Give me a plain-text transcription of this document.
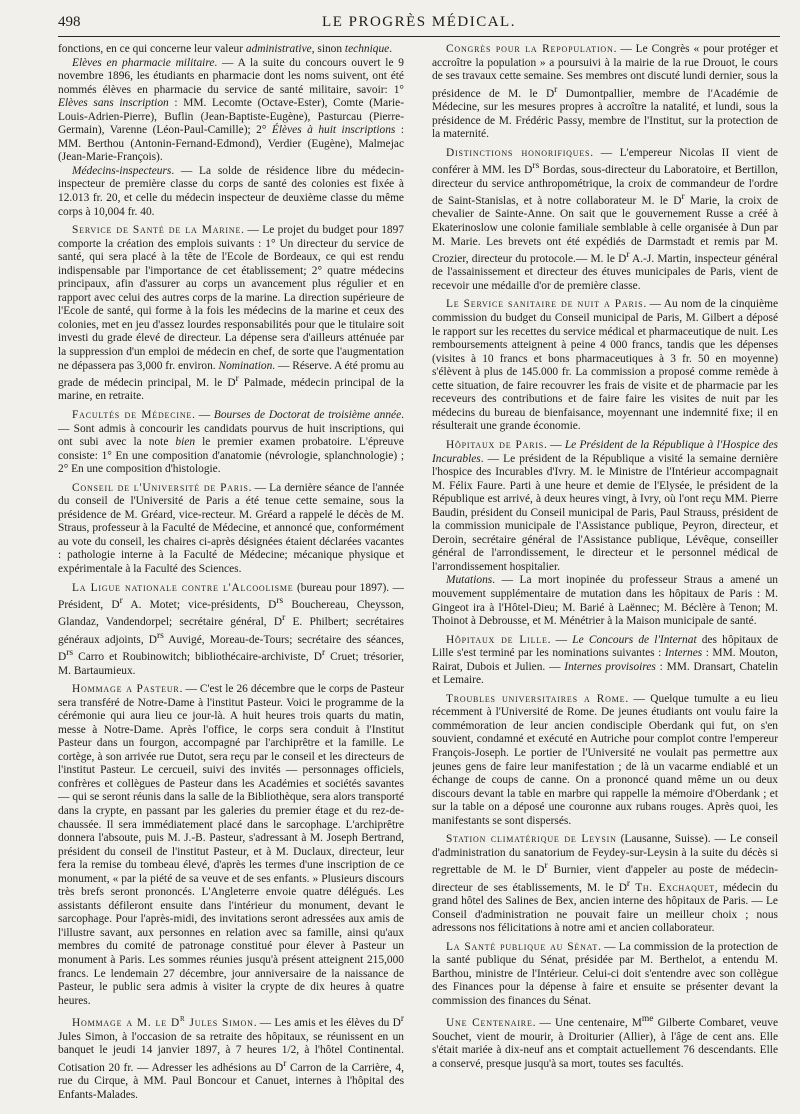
498	LE PROGRÈS MÉDICAL.

fonctions, en ce qui concerne leur valeur administrative, sinon technique.

Elèves en pharmacie militaire. — A la suite du concours ouvert le 9 novembre 1896, les étudiants en pharmacie dont les noms suivent, ont été nommés élèves en pharmacie du service de santé militaire, savoir: 1° Elèves sans inscription : MM. Lecomte (Octave-Ester), Comte (Marie-Louis-Adrien-Pierre), Buflin (Jean-Baptiste-Eugène), Pasturcau (Pierre-Germain), Varenne (Léon-Paul-Camille); 2° Élèves à huit inscriptions : MM. Berthou (Antonin-Fernand-Edmond), Verdier (Eugène), Malmejac (Jean-Marie-François).

Médecins-inspecteurs. — La solde de résidence libre du médecin-inspecteur de première classe du corps de santé des colonies est fixée à 12.013 fr. 20, et celle du médecin inspecteur de deuxième classe du même corps à 10,004 fr. 40.

Service de Santé de la Marine. — Le projet du budget pour 1897 comporte la création des emplois suivants : 1° Un directeur du service de santé, qui sera placé à la tête de l'Ecole de Bordeaux, ce qui est rendu indispensable par l'importance de cet établissement; 2° quatre médecins principaux, afin d'assurer au corps un avancement plus régulier et en rapport avec celui des autres corps de la marine. La direction supérieure de l'Ecole de santé, qui forme à la fois les médecins de la marine et ceux des colonies, met en jeu d'assez lourdes responsabilités pour que le titulaire soit investi du grade élevé de directeur. La dépense sera d'ailleurs atténuée par la suppression d'un emploi de médecin en chef, de sorte que l'augmentation ne dépassera pas 3,000 fr. environ. Nomination. — Réserve. A été promu au grade de médecin principal, M. le $D^r$ Palmade, médecin principal de la marine, en retraite.

Facultés de Médecine. — Bourses de Doctorat de troisième année. — Sont admis à concourir les candidats pourvus de huit inscriptions, qui ont subi avec la note bien le premier examen probatoire. L'épreuve consiste: 1° En une composition d'anatomie (névrologie, splanchnologie) ; 2° En une composition d'histologie.

Conseil de l'Université de Paris. — La dernière séance de l'année du conseil de l'Université de Paris a été tenue cette semaine, sous la présidence de M. Gréard, vice-recteur. M. Gréard a rappelé le décès de M. Straus, professeur à la Faculté de Médecine, et annoncé que, conformément au vote du conseil, les chaires ci-après désignées étaient déclarées vacantes : pathologie interne à la Faculté de Médecine; mécanique physique et expérimentale à la Faculté des Sciences.

La Ligue nationale contre l'Alcoolisme (bureau pour 1897). — Président, $D^r$ A. Motet; vice-présidents, $D^{rs}$ Bouchereau, Cheysson, Glandaz, Vandendorpel; secrétaire général, $D^r$ E. Philbert; secrétaires généraux adjoints, $D^{rs}$ Auvigé, Moreau-de-Tours; secrétaire des séances, $D^{rs}$ Carro et Roubinowitch; bibliothécaire-archiviste, $D^r$ Cruet; trésorier, M. Bartaumieux.

Hommage a Pasteur. — C'est le 26 décembre que le corps de Pasteur sera transféré de Notre-Dame à l'institut Pasteur. Voici le programme de la cérémonie qui aura lieu ce jour-là. A huit heures trois quarts du matin, messe à Notre-Dame. Après l'office, le corps sera conduit à l'Institut Pasteur dans un fourgon, accompagné par l'archiprêtre et la famille. Le cortège, à son arrivée rue Dutot, sera reçu par le conseil et les directeurs de l'institut Pasteur. Le cercueil, suivi des invités — personnages officiels, confrères et collègues de Pasteur dans les Académies et sociétés savantes — qui se seront réunis dans la salle de la Bibliothèque, sera alors transporté dans la crypte, en passant par les galeries du premier étage et du rez-de-chaussée. Il sera immédiatement placé dans le sarcophage. L'archiprêtre donnera l'absoute, puis M. J.-B. Pasteur, s'adressant à M. Joseph Bertrand, président du conseil de l'institut Pasteur, et à M. Duclaux, directeur, leur fera la remise du tombeau élevé, d'après les termes d'une inscription de ce monument, « par la piété de sa veuve et de ses enfants. » Plusieurs discours très brefs seront prononcés. L'Angleterre envoie quatre délégués. Les assistants défileront ensuite dans l'intérieur du monument, devant le sarcophage. Pour l'après-midi, des invitations seront adressées aux amis de l'illustre savant, aux personnes en relation avec sa famille, ainsi qu'aux membres du comité de patronage constitué pour élever à Pasteur un monument à Paris. Les sommes réunies jusqu'à présent atteignent 215,000 francs. Le lendemain 27 décembre, jour anniversaire de la naissance de Pasteur, le public sera admis à visiter la crypte de dix heures à quatre heures.

Hommage a M. le $D^r$ Jules Simon. — Les amis et les élèves du $D^r$ Jules Simon, à l'occasion de sa retraite des hôpitaux, se réunissent en un banquet le jeudi 14 janvier 1897, à 7 heures 1/2, à l'hôtel Continental. Cotisation 20 fr. — Adresser les adhésions au $D^r$ Carron de la Carrière, 4, rue du Cirque, à MM. Paul Boncour et Canuet, internes à l'hôpital des Enfants-Malades.

Congrès pour la Repopulation. — Le Congrès « pour protéger et accroître la population » a poursuivi à la mairie de la rue Drouot, le cours de ses travaux cette semaine. Ses membres ont discuté lundi dernier, sous la présidence de M. le $D^r$ Dumontpallier, membre de l'Académie de Médecine, sur les mesures propres à accroître la natalité, et lundi, sous la présidence de M. Frédéric Passy, membre de l'Institut, sur la protection de la maternité.

Distinctions honorifiques. — L'empereur Nicolas II vient de conférer à MM. les $D^{rs}$ Bordas, sous-directeur du Laboratoire, et Bertillon, directeur du service anthropométrique, la croix de commandeur de l'ordre de Saint-Stanislas, et à notre collaborateur M. le $D^r$ Marie, la croix de chevalier de Sainte-Anne. On sait que le gouvernement Russe a créé à Ekaterinoslow une colonie familiale semblable à celle organisée à Dun par M. Marie. Les brevets ont été expédiés de Darmstadt et remis par M. Crozier, directeur du protocole.— M. le $D^r$ A.-J. Martin, inspecteur général de l'assainissement et directeur des étuves municipales de Paris, vient de recevoir une médaille d'or de première classe.

Le Service sanitaire de nuit a Paris. — Au nom de la cinquième commission du budget du Conseil municipal de Paris, M. Gilbert a déposé le rapport sur les recettes du service médical et pharmaceutique de nuit. Les remboursements atteignent à peine 4 000 francs, tandis que les dépenses (visites à 10 francs et bons pharmaceutiques à 3 fr. 50 en moyenne) s'élèvent à plus de 145.000 fr. La commission a proposé comme remède à cette situation, de faire recouvrer les frais de visite et de pharmacie par les receveurs des contributions et de faire faire les visites de nuit par les médecins du bureau de bienfaisance, moyennant une indemnité fixe; il en résulterait une grande économie.

Hôpitaux de Paris. — Le Président de la République à l'Hospice des Incurables. — Le président de la République a visité la semaine dernière l'hospice des Incurables d'Ivry. M. le Ministre de l'Intérieur accompagnait M. Félix Faure. Parti à une heure et demie de l'Elysée, le président de la République est arrivé, à deux heures vingt, à Ivry, où l'ont reçu MM. Pierre Baudin, président du Conseil municipal de Paris, Paul Strauss, président de la commission municipale de l'Assistance publique, Peyron, directeur, et Deroin, secrétaire général de l'Assistance publique, Lévêque, conseiller général de l'arrondissement, le directeur et le personnel médical de l'arrondissement hospitalier.

Mutations. — La mort inopinée du professeur Straus a amené un mouvement supplémentaire de mutation dans les hôpitaux de Paris : M. Gingeot ira à l'Hôtel-Dieu; M. Barié à Laënnec; M. Béclère à Tenon; M. Thoinot à Debrousse, et M. Ménétrier à la Maison municipale de santé.

Hôpitaux de Lille. — Le Concours de l'Internat des hôpitaux de Lille s'est terminé par les nominations suivantes : Internes : MM. Mouton, Rairat, Dubois et Julien. — Internes provisoires : MM. Dransart, Chatelin et Lemaire.

Troubles universitaires a Rome. — Quelque tumulte a eu lieu récemment à l'Université de Rome. De jeunes étudiants ont voulu faire la commémoration de leur ancien condisciple Oberdank qui fut, on s'en souvient, condamné et exécuté en Autriche pour complot contre l'empereur François-Joseph. Le portier de l'Université ne voulait pas permettre aux jeunes gens de faire leur manifestation ; de là un vacarme endiablé et un échange de coups de canne. On a prononcé quand même un ou deux discours devant la table en marbre qui rappelle la mémoire d'Oberdank ; et sur la table on a déposé une couronne aux rubans rouges. Après quoi, les manifestants se sont dispersés.

Station climatérique de Leysin (Lausanne, Suisse). — Le conseil d'administration du sanatorium de Feydey-sur-Leysin à la suite du décès si regrettable de M. le $D^r$ Burnier, vient d'appeler au poste de médecin-directeur de ses établissements, M. le $D^r$ Th. Exchaquet, médecin du grand hôtel des Salines de Bex, ancien interne des hôpitaux de Paris. — Le Conseil d'administration ne pouvait faire un meilleur choix ; nous adressons nos félicitations à notre ami et ancien collaborateur.

La Santé publique au Sénat. — La commission de la protection de la santé publique du Sénat, présidée par M. Berthelot, a entendu M. Barthou, ministre de l'Intérieur. Celui-ci doit s'entendre avec son collègue des Finances pour la dépense à faire et ensuite se présenter devant la commission des finances du Sénat.

Une Centenaire. — Une centenaire, $M^{me}$ Gilberte Combaret, veuve Souchet, vient de mourir, à Droiturier (Allier), à l'âge de cent ans. Elle s'était mariée à dix-neuf ans et comptait actuellement 76 descendants. Elle a conservé, presque jusqu'à sa mort, toutes ses facultés.
